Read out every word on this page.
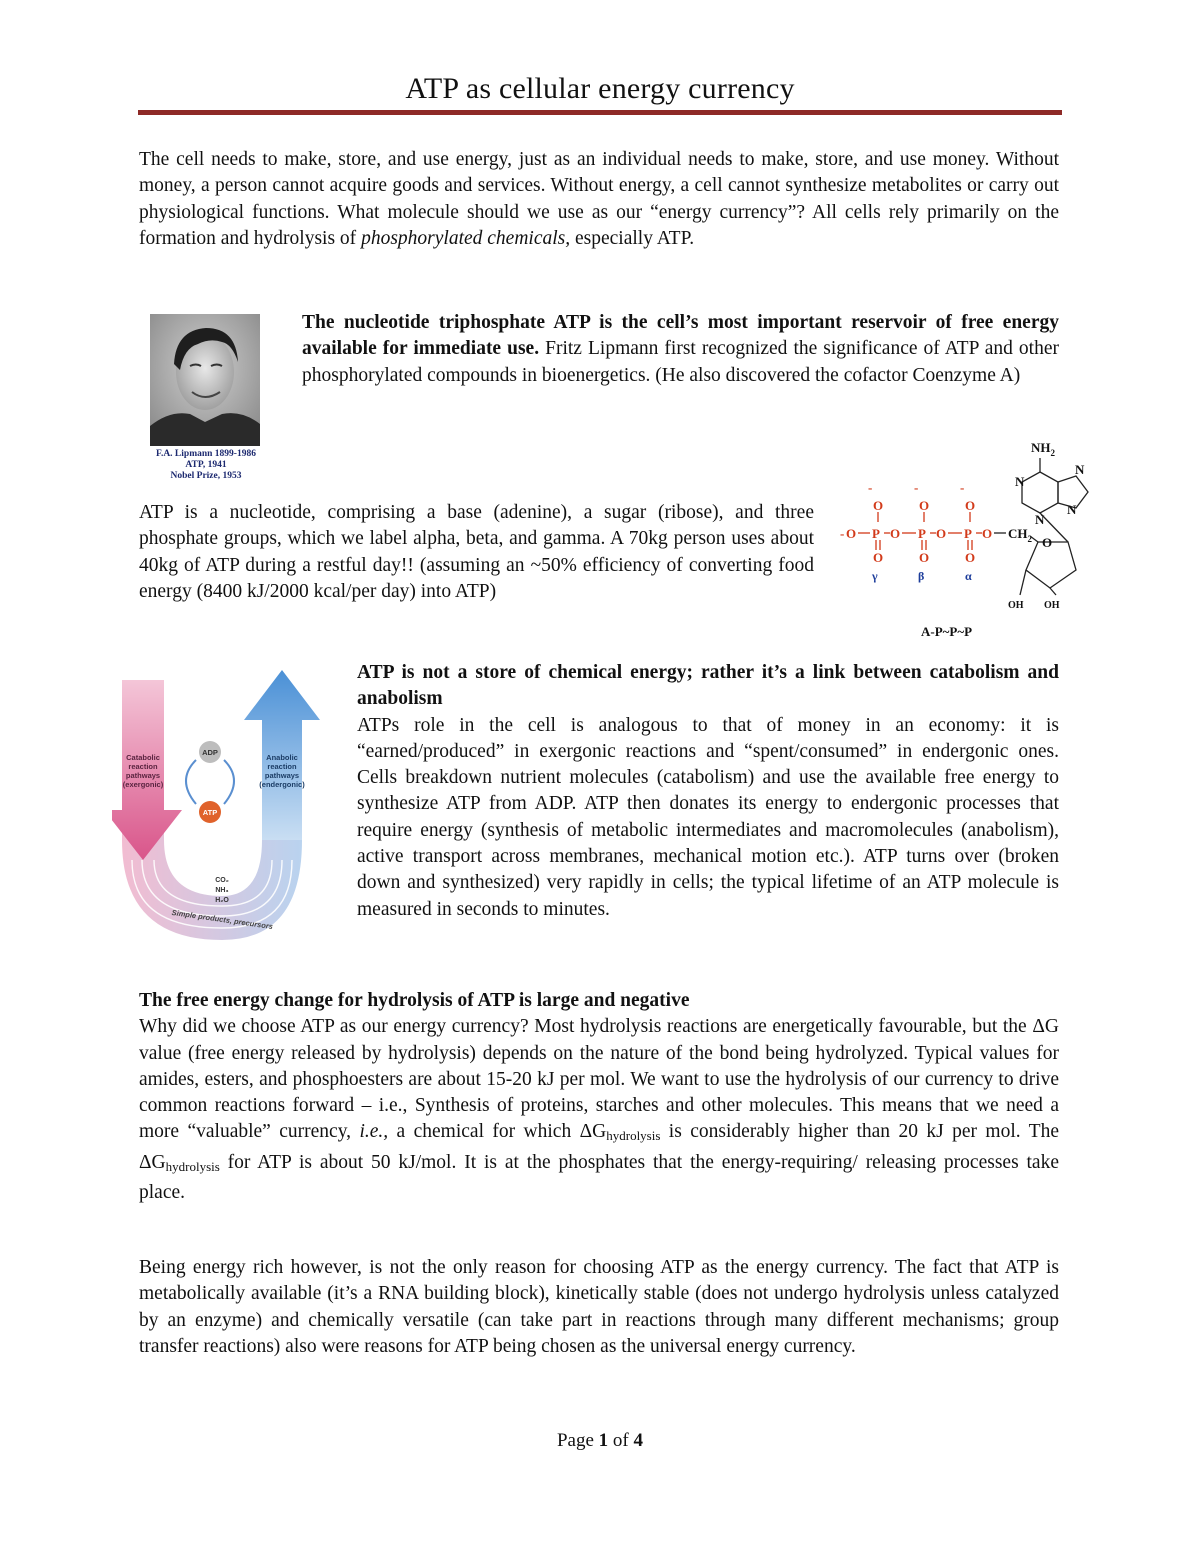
ATP as cellular energy currency

The cell needs to make, store, and use energy, just as an individual needs to make, store, and use money. Without money, a person cannot acquire goods and services. Without energy, a cell cannot synthesize metabolites or carry out physiological functions. What molecule should we use as our “energy currency”? All cells rely primarily on the formation and hydrolysis of phosphorylated chemicals, especially ATP.

F.A. Lipmann 1899-1986
ATP, 1941
Nobel Prize, 1953

The nucleotide triphosphate ATP is the cell’s most important reservoir of free energy available for immediate use. Fritz Lipmann first recognized the significance of ATP and other phosphorylated compounds in bioenergetics. (He also discovered the cofactor Coenzyme A)

ATP is a nucleotide, comprising a base (adenine), a sugar (ribose), and three phosphate groups, which we label alpha, beta, and gamma. A 70kg person uses about 40kg of ATP during a restful day!! (assuming an ~50% efficiency of converting food energy (8400 kJ/2000 kcal/per day) into ATP)

$NH_2$
N
N
N
N
O
OH OH
- O P O P O P O
-
O
-
O
-
O
O	O	O
$CH_2$
γ	β	α
A-P~P~P
Catabolic
reaction
pathways
(exergonic)
Anabolic
reaction
pathways
(endergonic)
ADP
ATP
CO₂
NH₃
H₂O
Simple products, precursors

ATP is not a store of chemical energy; rather it’s a link between catabolism and anabolism
ATPs role in the cell is analogous to that of money in an economy: it is “earned/produced” in exergonic reactions and “spent/consumed” in endergonic ones. Cells breakdown nutrient molecules (catabolism) and use the available free energy to synthesize ATP from ADP. ATP then donates its energy to endergonic processes that require energy (synthesis of metabolic intermediates and macromolecules (anabolism), active transport across membranes, mechanical motion etc.). ATP turns over (broken down and synthesized) very rapidly in cells; the typical lifetime of an ATP molecule is measured in seconds to minutes.

The free energy change for hydrolysis of ATP is large and negative
Why did we choose ATP as our energy currency? Most hydrolysis reactions are energetically favourable, but the ΔG value (free energy released by hydrolysis) depends on the nature of the bond being hydrolyzed. Typical values for amides, esters, and phosphoesters are about 15-20 kJ per mol. We want to use the hydrolysis of our currency to drive common reactions forward – i.e., Synthesis of proteins, starches and other molecules. This means that we need a more “valuable” currency, i.e., a chemical for which $\Delta G_{hydrolysis}$ is considerably higher than 20 kJ per mol. The $\Delta G_{hydrolysis}$ for ATP is about 50 kJ/mol. It is at the phosphates that the energy-requiring/ releasing processes take place.

Being energy rich however, is not the only reason for choosing ATP as the energy currency. The fact that ATP is metabolically available (it’s a RNA building block), kinetically stable (does not undergo hydrolysis unless catalyzed by an enzyme) and chemically versatile (can take part in reactions through many different mechanisms; group transfer reactions) also were reasons for ATP being chosen as the universal energy currency.

Page 1 of 4
